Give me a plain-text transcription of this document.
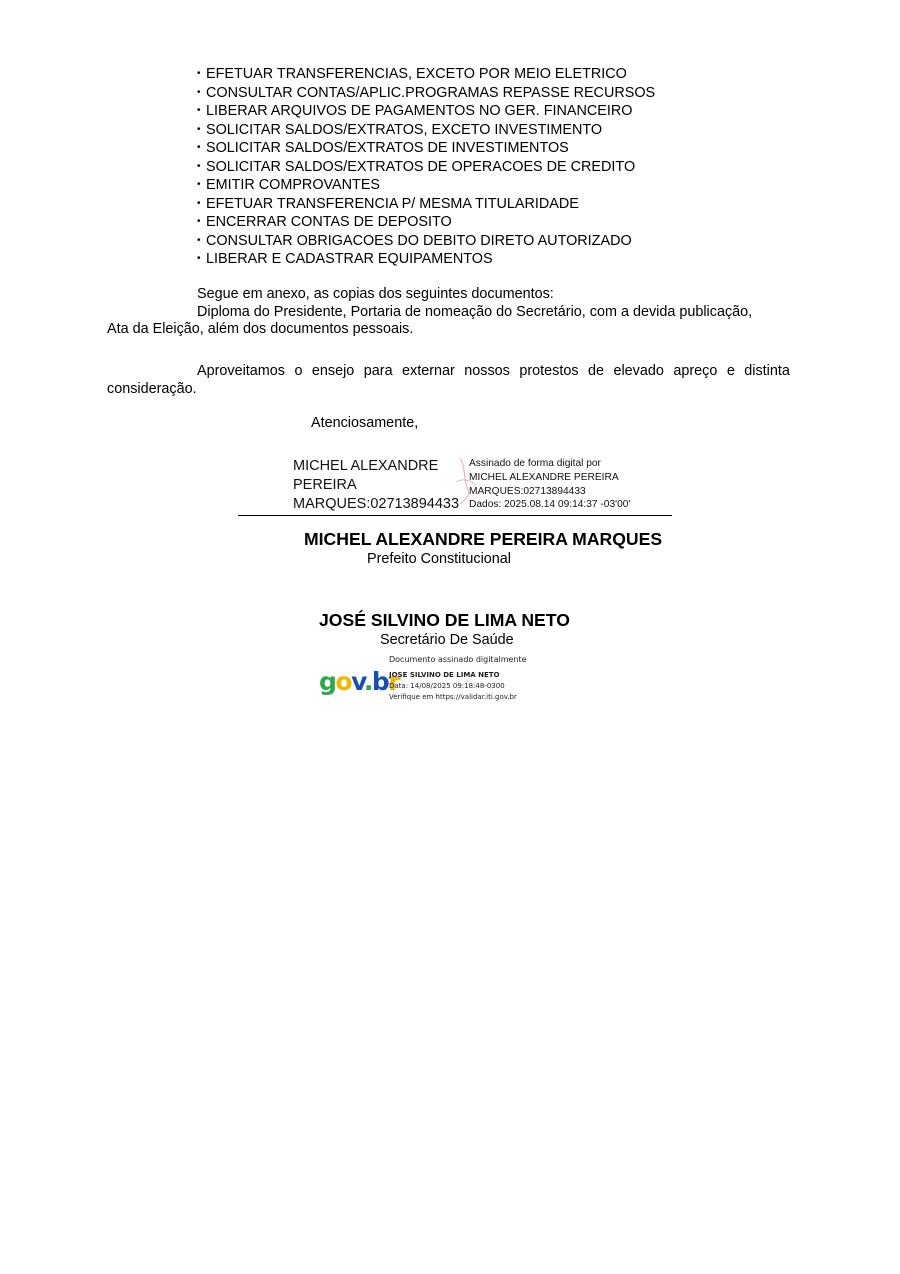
• EFETUAR TRANSFERENCIAS, EXCETO POR MEIO ELETRICO
• CONSULTAR CONTAS/APLIC.PROGRAMAS REPASSE RECURSOS
• LIBERAR ARQUIVOS DE PAGAMENTOS NO GER. FINANCEIRO
• SOLICITAR SALDOS/EXTRATOS, EXCETO INVESTIMENTO
• SOLICITAR SALDOS/EXTRATOS DE INVESTIMENTOS
• SOLICITAR SALDOS/EXTRATOS DE OPERACOES DE CREDITO
• EMITIR COMPROVANTES
• EFETUAR TRANSFERENCIA P/ MESMA TITULARIDADE
• ENCERRAR CONTAS DE DEPOSITO
• CONSULTAR OBRIGACOES DO DEBITO DIRETO AUTORIZADO
• LIBERAR E CADASTRAR EQUIPAMENTOS
Segue em anexo, as copias dos seguintes documentos:
Diploma do Presidente, Portaria de nomeação do Secretário, com a devida publicação,
Ata da Eleição, além dos documentos pessoais.
Aproveitamos o ensejo para externar nossos protestos de elevado apreço e distinta
consideração.
Atenciosamente,
MICHEL ALEXANDRE
PEREIRA
MARQUES:02713894433
Assinado de forma digital por
MICHEL ALEXANDRE PEREIRA
MARQUES:02713894433
Dados: 2025.08.14 09:14:37 -03'00'
MICHEL ALEXANDRE PEREIRA MARQUES
Prefeito Constitucional
JOSÉ SILVINO DE LIMA NETO
Secretário De Saúde
gov.br
Documento assinado digitalmente
JOSE SILVINO DE LIMA NETO
Data: 14/08/2025 09:18:48-0300
Verifique em https://validar.iti.gov.br
